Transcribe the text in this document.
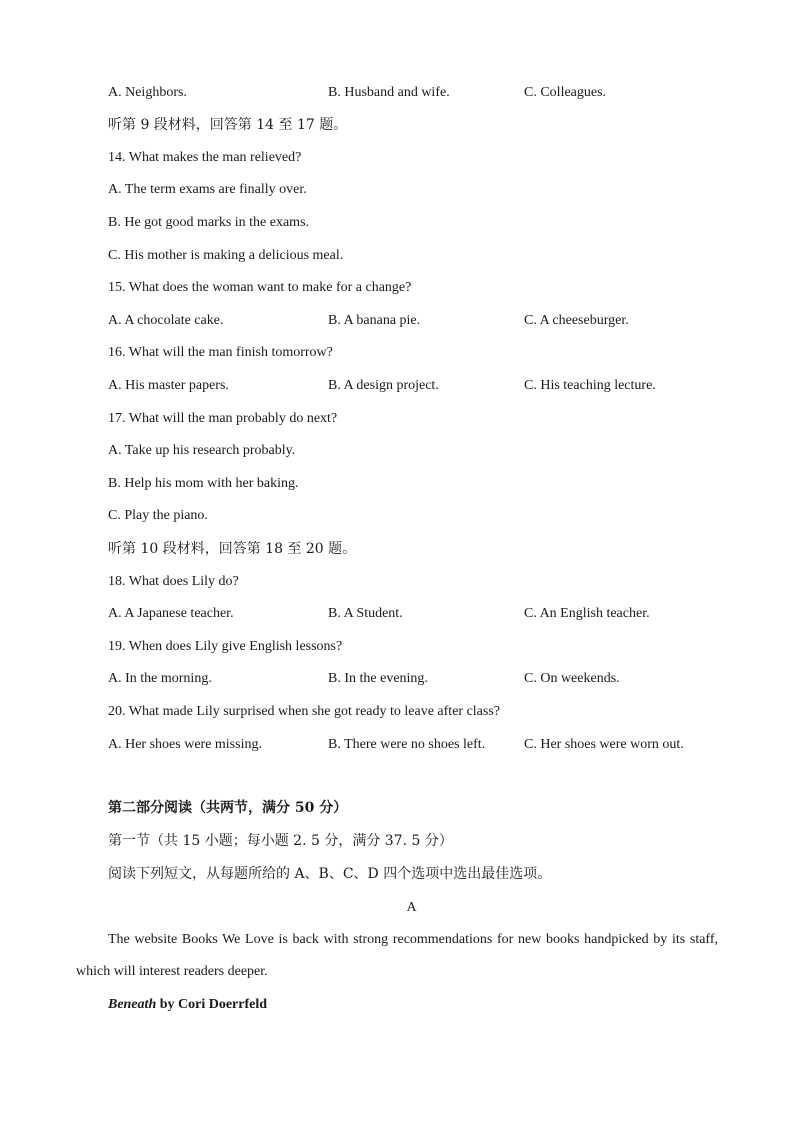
A. Neighbors.	B. Husband and wife.	C. Colleagues.
听第 9 段材料，回答第 14 至 17 题。
14. What makes the man relieved?
A. The term exams are finally over.
B. He got good marks in the exams.
C. His mother is making a delicious meal.
15. What does the woman want to make for a change?
A. A chocolate cake.	B. A banana pie.	C. A cheeseburger.
16. What will the man finish tomorrow?
A. His master papers.	B. A design project.	C. His teaching lecture.
17. What will the man probably do next?
A. Take up his research probably.
B. Help his mom with her baking.
C. Play the piano.
听第 10 段材料，回答第 18 至 20 题。
18. What does Lily do?
A. A Japanese teacher.	B. A Student.	C. An English teacher.
19. When does Lily give English lessons?
A. In the morning.	B. In the evening.	C. On weekends.
20. What made Lily surprised when she got ready to leave after class?
A. Her shoes were missing.	B. There were no shoes left.	C. Her shoes were worn out.
第二部分阅读（共两节，满分 50 分）
第一节（共 15 小题；每小题 2. 5 分，满分 37. 5 分）
阅读下列短文，从每题所给的 A、B、C、D 四个选项中选出最佳选项。
A
The website Books We Love is back with strong recommendations for new books handpicked by its staff, which will interest readers deeper.
Beneath by Cori Doerrfeld
